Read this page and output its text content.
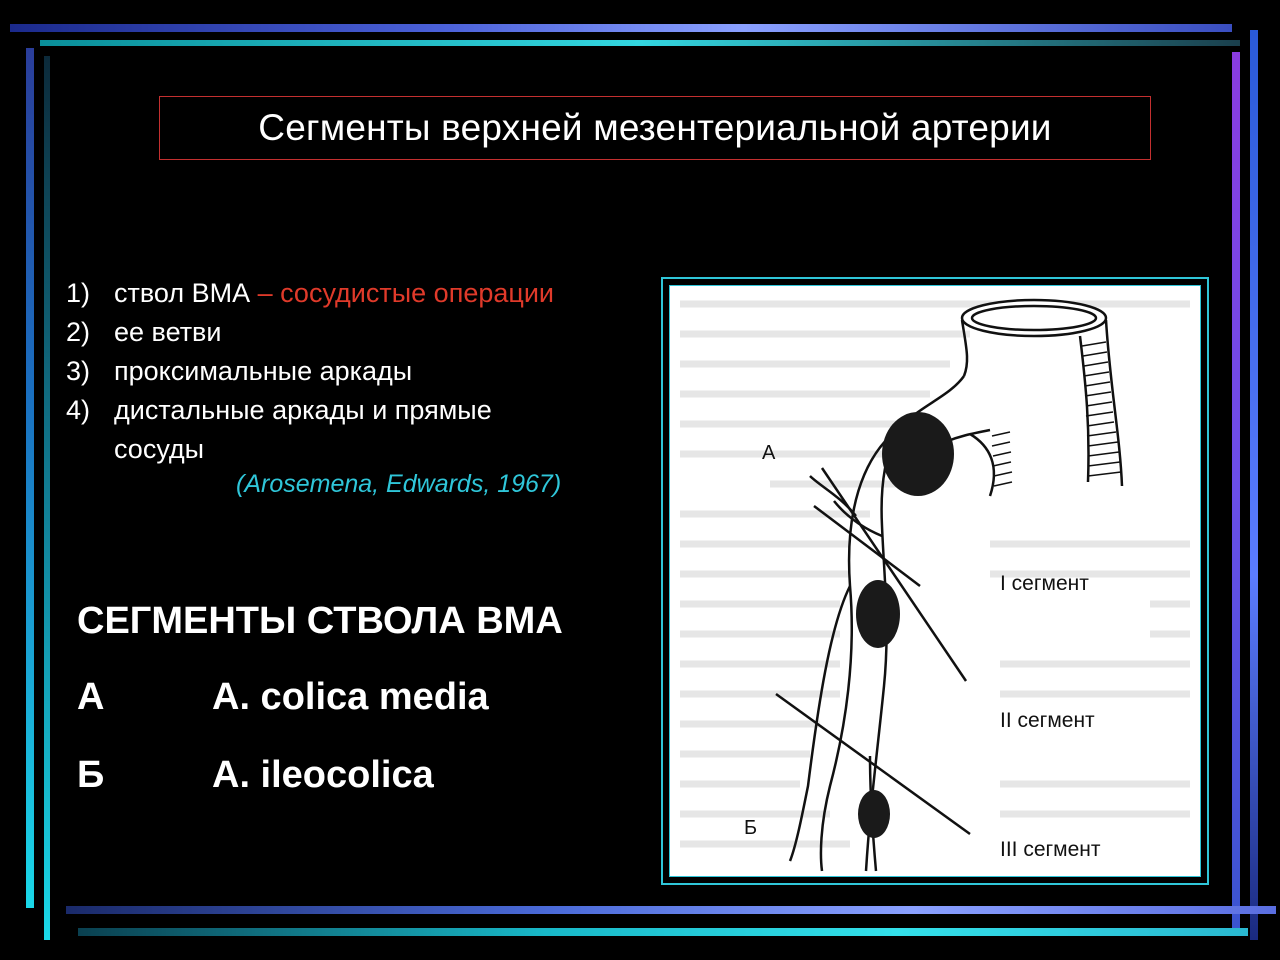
Сегменты верхней мезентериальной артерии
1) ствол ВМА – сосудистые операции
2) ее ветви
3) проксимальные аркады
4) дистальные аркады и прямые сосуды
(Arosemena, Edwards, 1967)
СЕГМЕНТЫ СТВОЛА ВМА
А	A. colica media
Б	A. ileocolica
А
Б
I сегмент
II сегмент
III сегмент
